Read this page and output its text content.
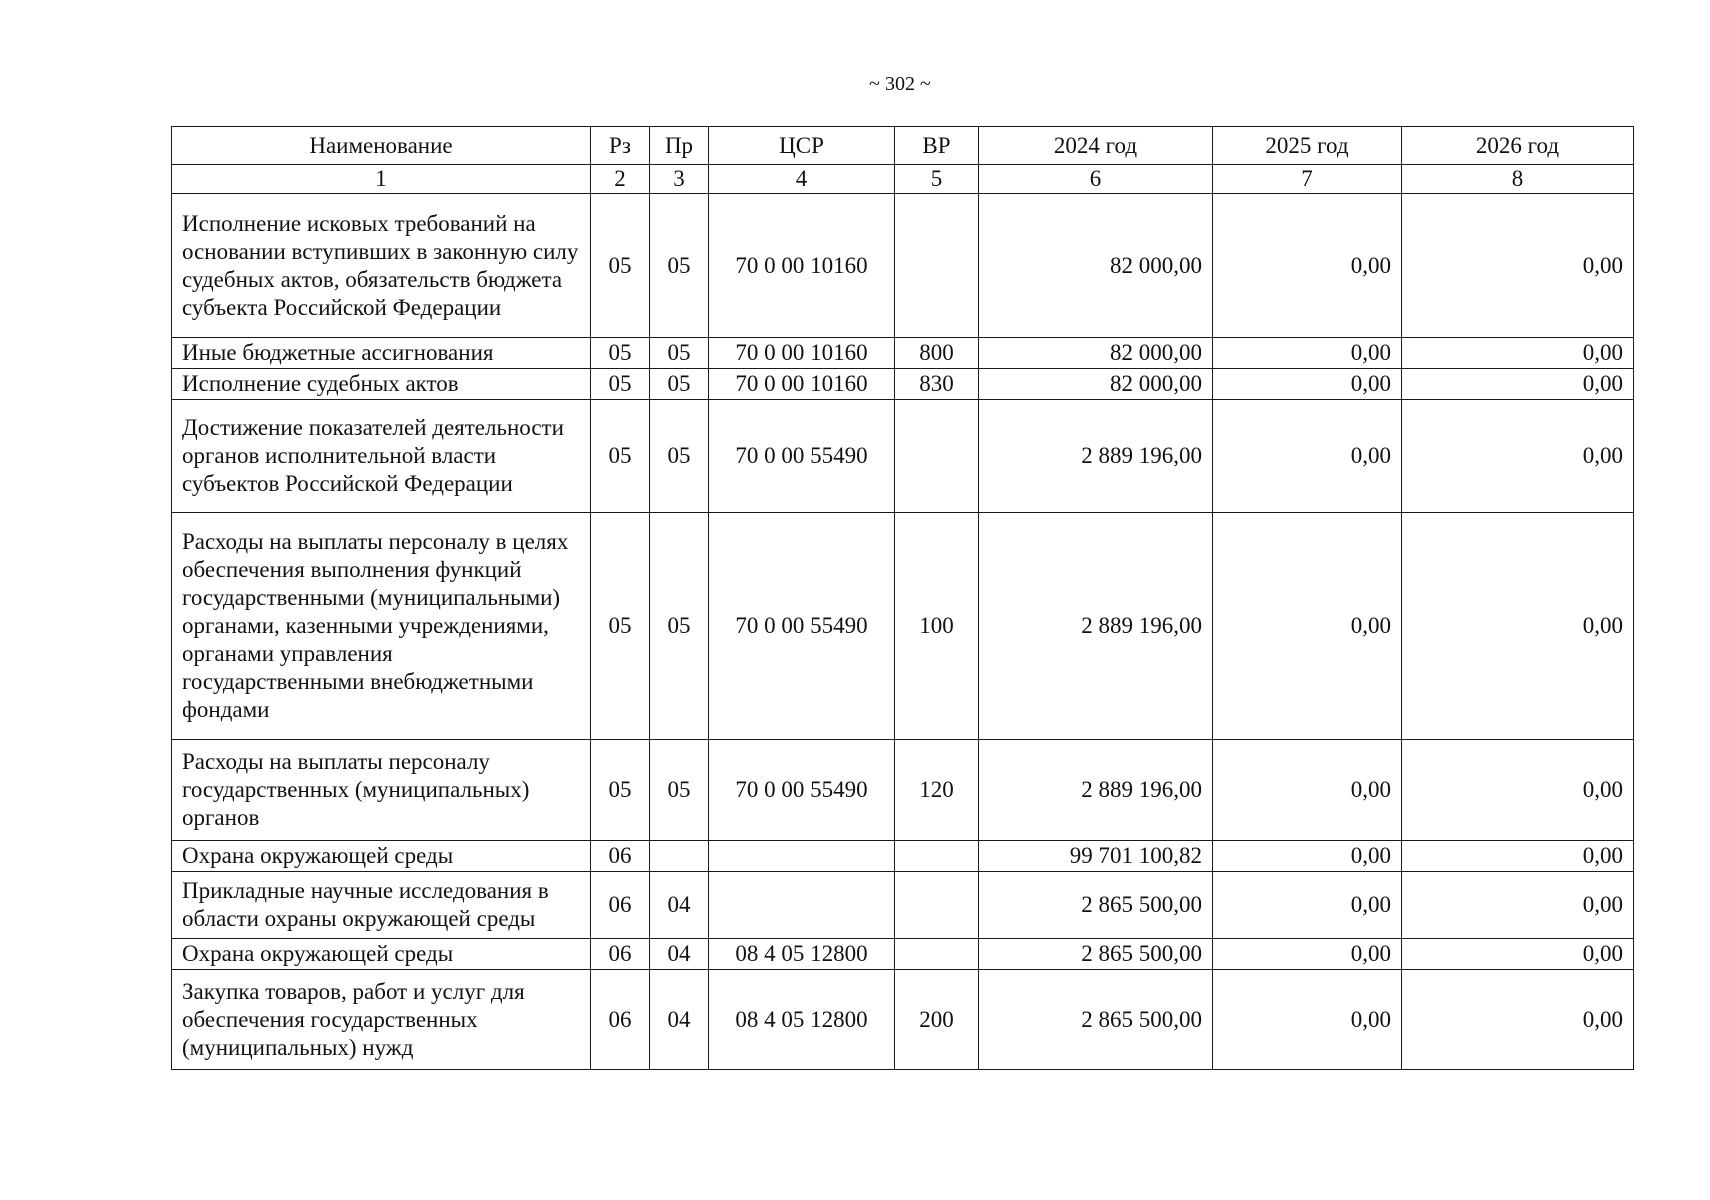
~ 302 ~
Наименование	Рз	Пр	ЦСР	ВР	2024 год	2025 год	2026 год
1	2	3	4	5	6	7	8
Исполнение исковых требований на основании вступивших в законную силу судебных актов, обязательств бюджета субъекта Российской Федерации	05	05	70 0 00 10160		82 000,00	0,00	0,00
Иные бюджетные ассигнования	05	05	70 0 00 10160	800	82 000,00	0,00	0,00
Исполнение судебных актов	05	05	70 0 00 10160	830	82 000,00	0,00	0,00
Достижение показателей деятельности органов исполнительной власти субъектов Российской Федерации	05	05	70 0 00 55490		2 889 196,00	0,00	0,00
Расходы на выплаты персоналу в целях обеспечения выполнения функций государственными (муниципальными) органами, казенными учреждениями, органами управления государственными внебюджетными фондами	05	05	70 0 00 55490	100	2 889 196,00	0,00	0,00
Расходы на выплаты персоналу государственных (муниципальных) органов	05	05	70 0 00 55490	120	2 889 196,00	0,00	0,00
Охрана окружающей среды	06				99 701 100,82	0,00	0,00
Прикладные научные исследования в области охраны окружающей среды	06	04			2 865 500,00	0,00	0,00
Охрана окружающей среды	06	04	08 4 05 12800		2 865 500,00	0,00	0,00
Закупка товаров, работ и услуг для обеспечения государственных (муниципальных) нужд	06	04	08 4 05 12800	200	2 865 500,00	0,00	0,00
